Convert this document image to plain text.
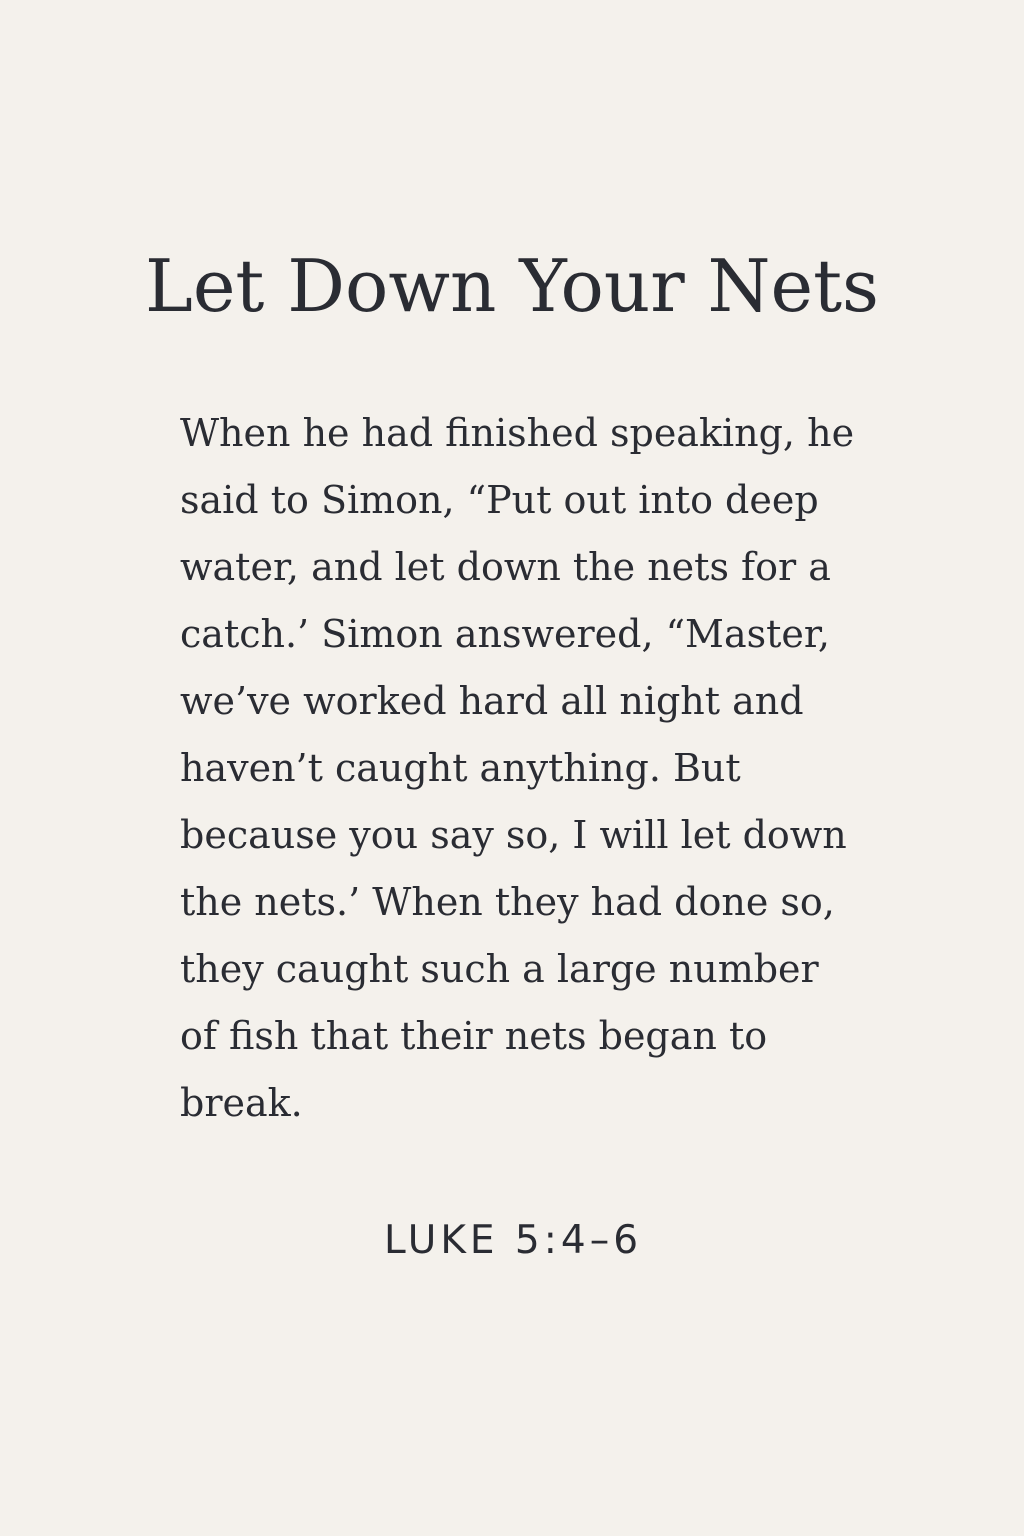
Let Down Your Nets
When he had finished speaking, he
said to Simon, “Put out into deep
water, and let down the nets for a
catch.’ Simon answered, “Master,
we’ve worked hard all night and
haven’t caught anything. But
because you say so, I will let down
the nets.’ When they had done so,
they caught such a large number
of fish that their nets began to
break.

LUKE 5:4–6
